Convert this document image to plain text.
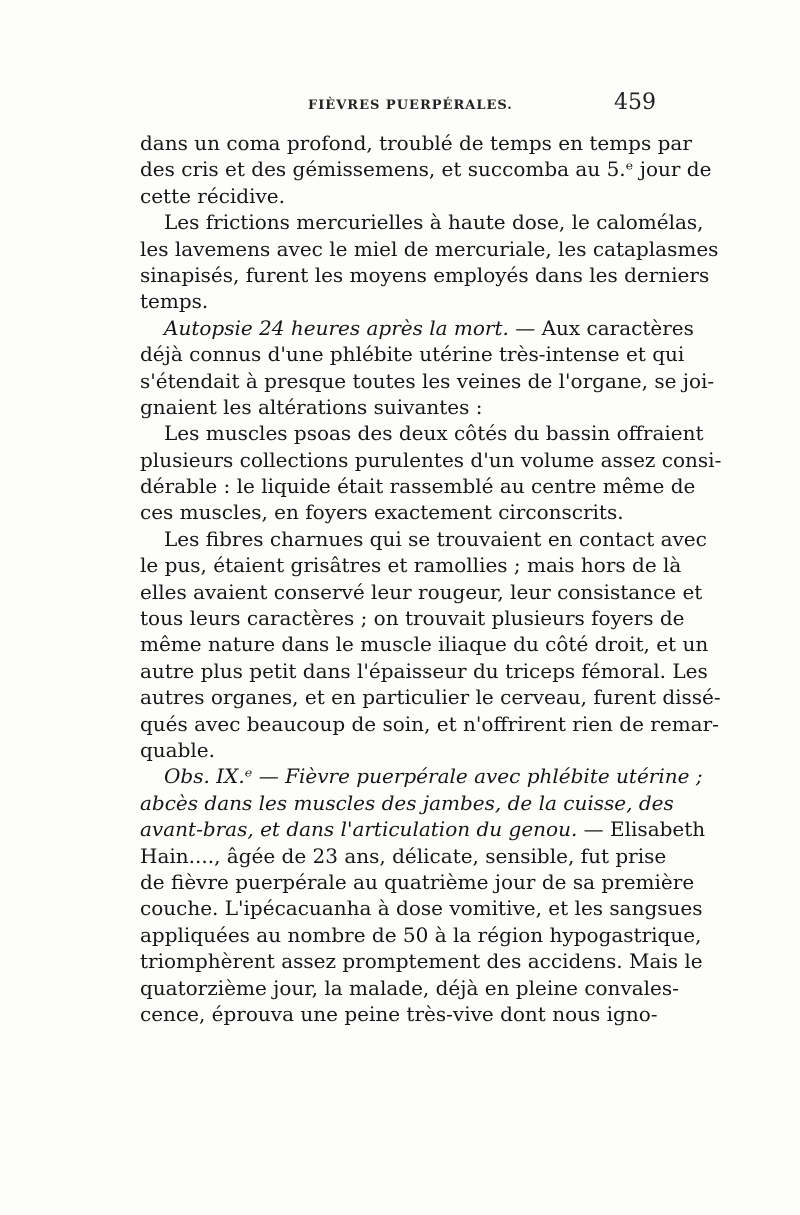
FIÈVRES PUERPÉRALES.	459
dans un coma profond, troublé de temps en temps par
des cris et des gémissemens, et succomba au 5.ᵉ jour de
cette récidive.
Les frictions mercurielles à haute dose, le calomélas,
les lavemens avec le miel de mercuriale, les cataplasmes
sinapisés, furent les moyens employés dans les derniers
temps.
Autopsie 24 heures après la mort. — Aux caractères
déjà connus d'une phlébite utérine très-intense et qui
s'étendait à presque toutes les veines de l'organe, se joi-
gnaient les altérations suivantes :
Les muscles psoas des deux côtés du bassin offraient
plusieurs collections purulentes d'un volume assez consi-
dérable : le liquide était rassemblé au centre même de
ces muscles, en foyers exactement circonscrits.
Les fibres charnues qui se trouvaient en contact avec
le pus, étaient grisâtres et ramollies ; mais hors de là
elles avaient conservé leur rougeur, leur consistance et
tous leurs caractères ; on trouvait plusieurs foyers de
même nature dans le muscle iliaque du côté droit, et un
autre plus petit dans l'épaisseur du triceps fémoral. Les
autres organes, et en particulier le cerveau, furent dissé-
qués avec beaucoup de soin, et n'offrirent rien de remar-
quable.
Obs. IX.ᵉ — Fièvre puerpérale avec phlébite utérine ;
abcès dans les muscles des jambes, de la cuisse, des
avant-bras, et dans l'articulation du genou. — Elisabeth
Hain...., âgée de 23 ans, délicate, sensible, fut prise
de fièvre puerpérale au quatrième jour de sa première
couche. L'ipécacuanha à dose vomitive, et les sangsues
appliquées au nombre de 50 à la région hypogastrique,
triomphèrent assez promptement des accidens. Mais le
quatorzième jour, la malade, déjà en pleine convales-
cence, éprouva une peine très-vive dont nous igno-
